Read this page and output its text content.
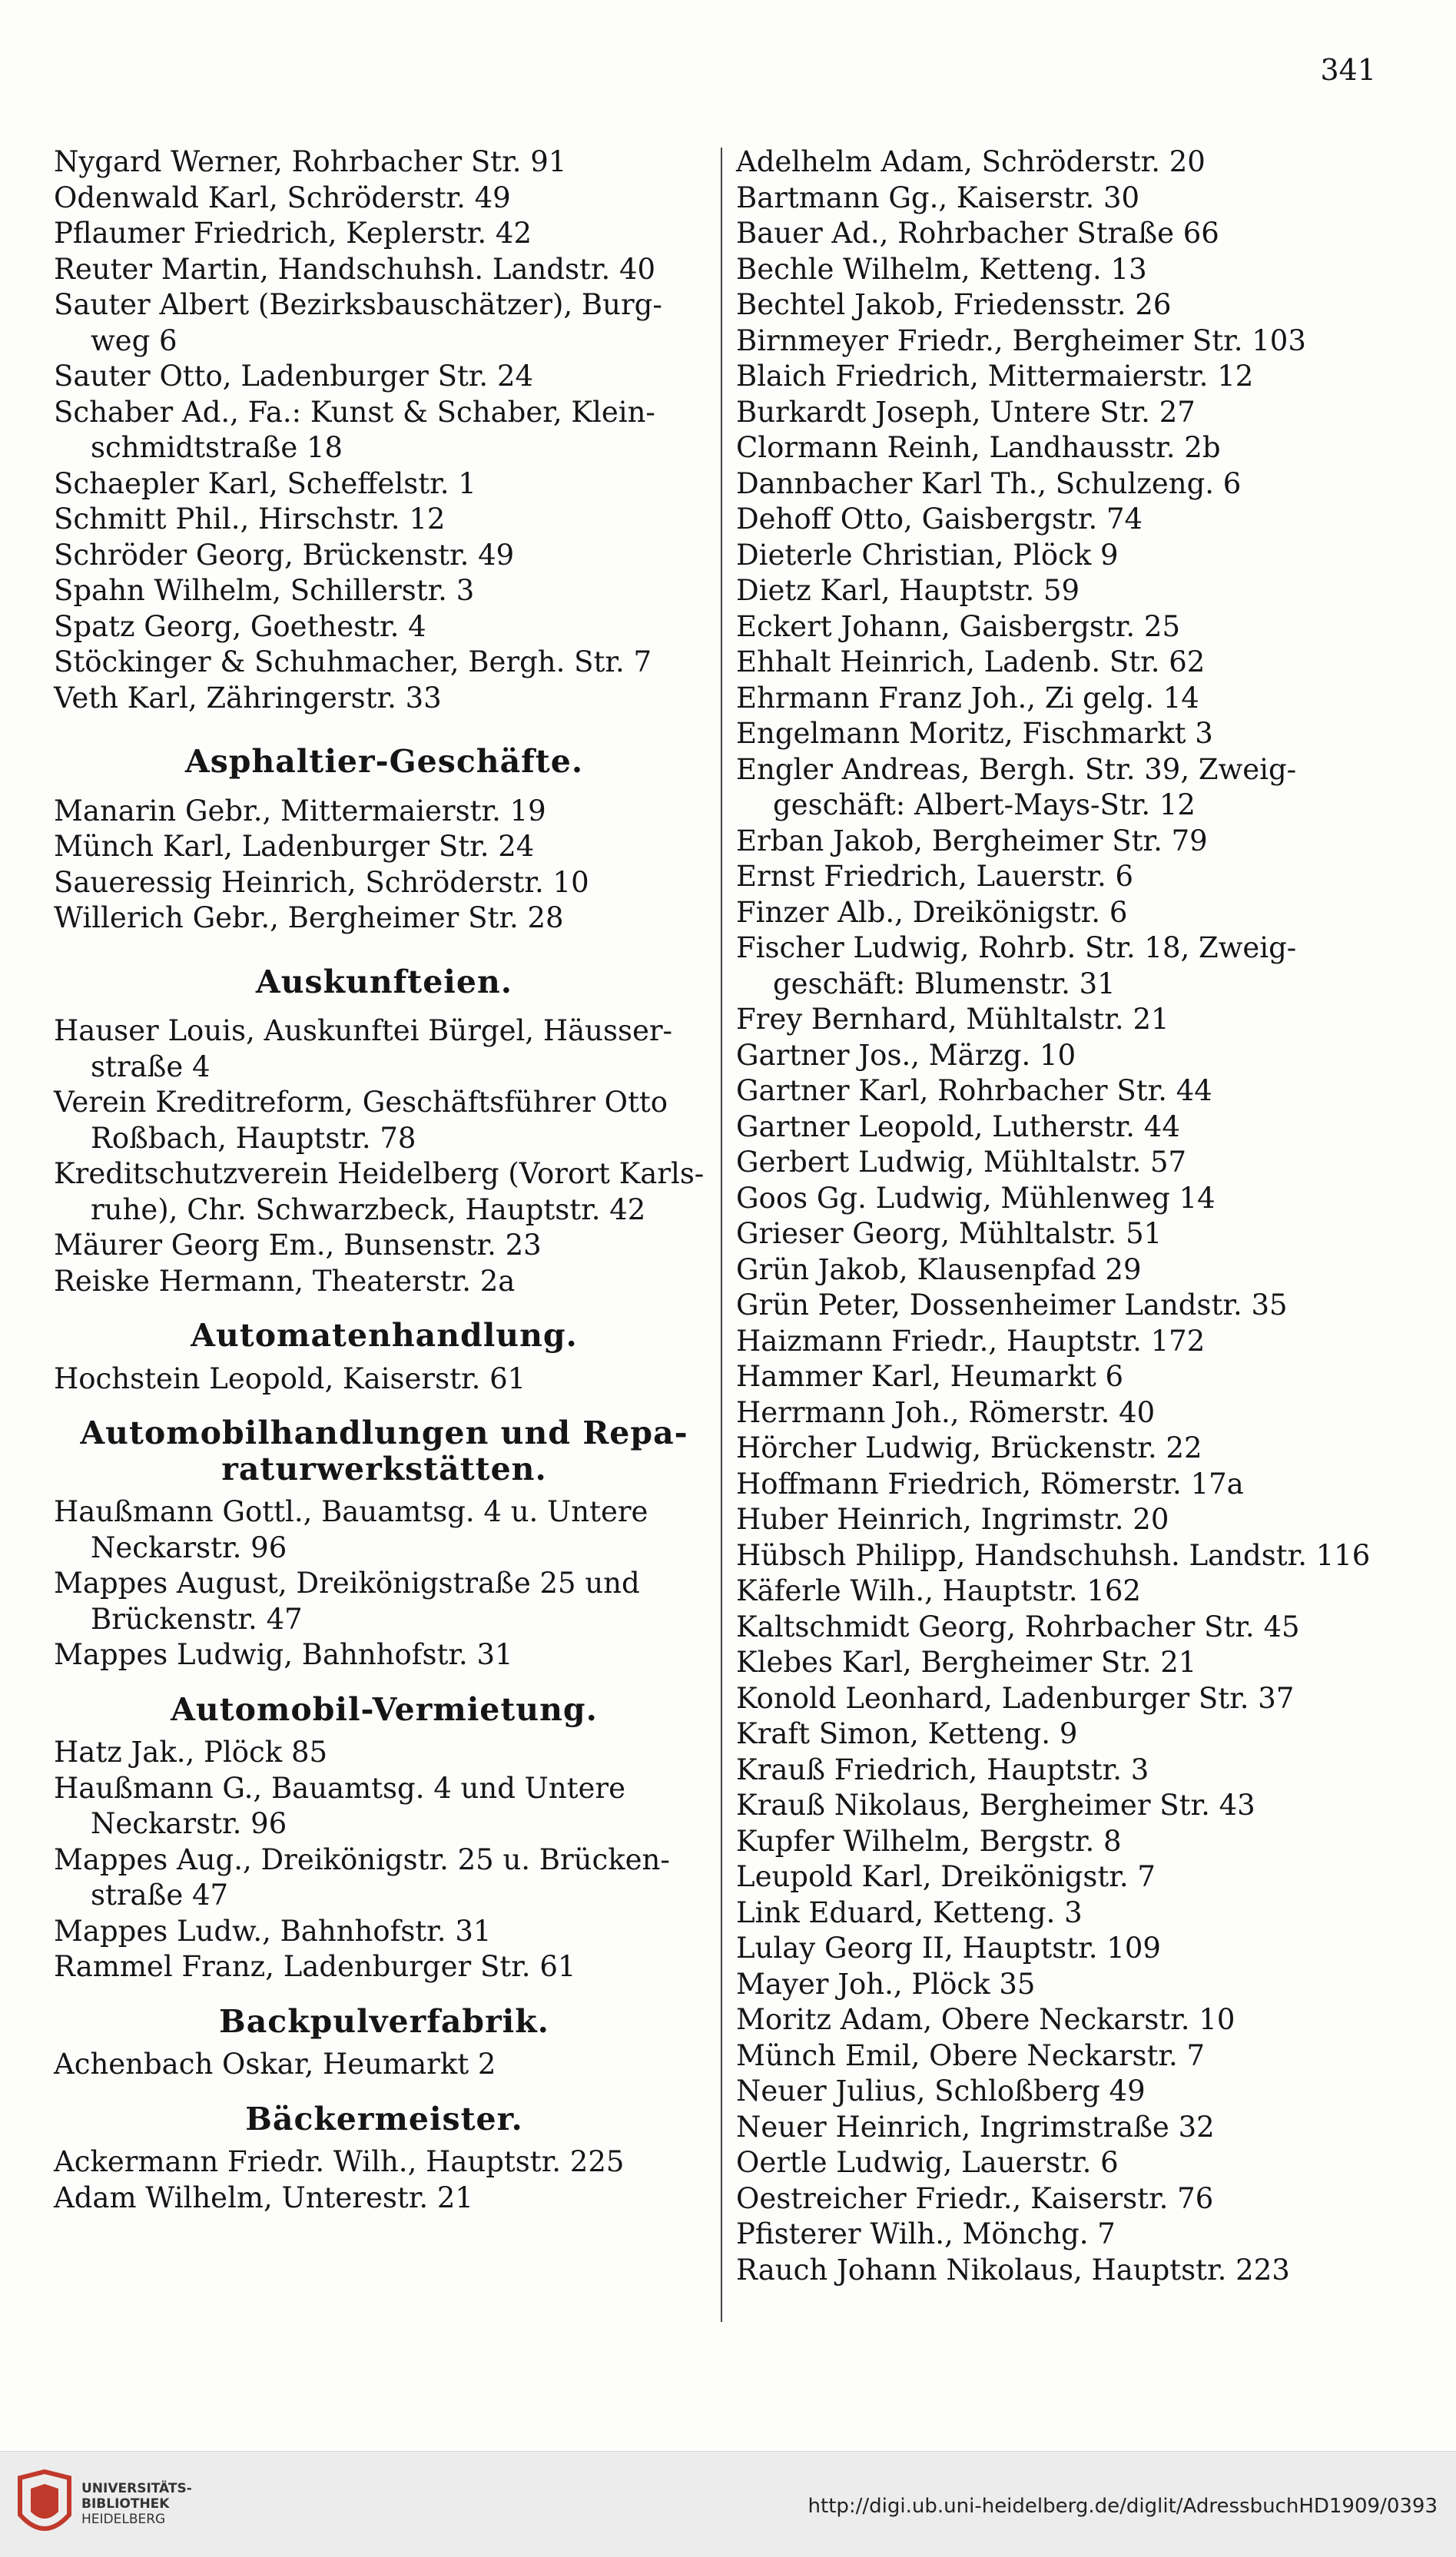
341
Nygard Werner, Rohrbacher Str. 91
Odenwald Karl, Schröderstr. 49
Pflaumer Friedrich, Keplerstr. 42
Reuter Martin, Handschuhsh. Landstr. 40
Sauter Albert (Bezirksbauschätzer), Burg-
weg 6
Sauter Otto, Ladenburger Str. 24
Schaber Ad., Fa.: Kunst & Schaber, Klein-
schmidtstraße 18
Schaepler Karl, Scheffelstr. 1
Schmitt Phil., Hirschstr. 12
Schröder Georg, Brückenstr. 49
Spahn Wilhelm, Schillerstr. 3
Spatz Georg, Goethestr. 4
Stöckinger & Schuhmacher, Bergh. Str. 7
Veth Karl, Zähringerstr. 33
Asphaltier-Geschäfte.
Manarin Gebr., Mittermaierstr. 19
Münch Karl, Ladenburger Str. 24
Saueressig Heinrich, Schröderstr. 10
Willerich Gebr., Bergheimer Str. 28
Auskunfteien.
Hauser Louis, Auskunftei Bürgel, Häusser-
straße 4
Verein Kreditreform, Geschäftsführer Otto
Roßbach, Hauptstr. 78
Kreditschutzverein Heidelberg (Vorort Karls-
ruhe), Chr. Schwarzbeck, Hauptstr. 42
Mäurer Georg Em., Bunsenstr. 23
Reiske Hermann, Theaterstr. 2a
Automatenhandlung.
Hochstein Leopold, Kaiserstr. 61
Automobilhandlungen und Repa-
raturwerkstätten.
Haußmann Gottl., Bauamtsg. 4 u. Untere
Neckarstr. 96
Mappes August, Dreikönigstraße 25 und
Brückenstr. 47
Mappes Ludwig, Bahnhofstr. 31
Automobil-Vermietung.
Hatz Jak., Plöck 85
Haußmann G., Bauamtsg. 4 und Untere
Neckarstr. 96
Mappes Aug., Dreikönigstr. 25 u. Brücken-
straße 47
Mappes Ludw., Bahnhofstr. 31
Rammel Franz, Ladenburger Str. 61
Backpulverfabrik.
Achenbach Oskar, Heumarkt 2
Bäckermeister.
Ackermann Friedr. Wilh., Hauptstr. 225
Adam Wilhelm, Unterestr. 21
Adelhelm Adam, Schröderstr. 20
Bartmann Gg., Kaiserstr. 30
Bauer Ad., Rohrbacher Straße 66
Bechle Wilhelm, Ketteng. 13
Bechtel Jakob, Friedensstr. 26
Birnmeyer Friedr., Bergheimer Str. 103
Blaich Friedrich, Mittermaierstr. 12
Burkardt Joseph, Untere Str. 27
Clormann Reinh, Landhausstr. 2b
Dannbacher Karl Th., Schulzeng. 6
Dehoff Otto, Gaisbergstr. 74
Dieterle Christian, Plöck 9
Dietz Karl, Hauptstr. 59
Eckert Johann, Gaisbergstr. 25
Ehhalt Heinrich, Ladenb. Str. 62
Ehrmann Franz Joh., Zi gelg. 14
Engelmann Moritz, Fischmarkt 3
Engler Andreas, Bergh. Str. 39, Zweig-
geschäft: Albert-Mays-Str. 12
Erban Jakob, Bergheimer Str. 79
Ernst Friedrich, Lauerstr. 6
Finzer Alb., Dreikönigstr. 6
Fischer Ludwig, Rohrb. Str. 18, Zweig-
geschäft: Blumenstr. 31
Frey Bernhard, Mühltalstr. 21
Gartner Jos., Märzg. 10
Gartner Karl, Rohrbacher Str. 44
Gartner Leopold, Lutherstr. 44
Gerbert Ludwig, Mühltalstr. 57
Goos Gg. Ludwig, Mühlenweg 14
Grieser Georg, Mühltalstr. 51
Grün Jakob, Klausenpfad 29
Grün Peter, Dossenheimer Landstr. 35
Haizmann Friedr., Hauptstr. 172
Hammer Karl, Heumarkt 6
Herrmann Joh., Römerstr. 40
Hörcher Ludwig, Brückenstr. 22
Hoffmann Friedrich, Römerstr. 17a
Huber Heinrich, Ingrimstr. 20
Hübsch Philipp, Handschuhsh. Landstr. 116
Käferle Wilh., Hauptstr. 162
Kaltschmidt Georg, Rohrbacher Str. 45
Klebes Karl, Bergheimer Str. 21
Konold Leonhard, Ladenburger Str. 37
Kraft Simon, Ketteng. 9
Krauß Friedrich, Hauptstr. 3
Krauß Nikolaus, Bergheimer Str. 43
Kupfer Wilhelm, Bergstr. 8
Leupold Karl, Dreikönigstr. 7
Link Eduard, Ketteng. 3
Lulay Georg II, Hauptstr. 109
Mayer Joh., Plöck 35
Moritz Adam, Obere Neckarstr. 10
Münch Emil, Obere Neckarstr. 7
Neuer Julius, Schloßberg 49
Neuer Heinrich, Ingrimstraße 32
Oertle Ludwig, Lauerstr. 6
Oestreicher Friedr., Kaiserstr. 76
Pfisterer Wilh., Mönchg. 7
Rauch Johann Nikolaus, Hauptstr. 223
UNIVERSITÄTS-
BIBLIOTHEK
HEIDELBERG
http://digi.ub.uni-heidelberg.de/diglit/AdressbuchHD1909/0393
